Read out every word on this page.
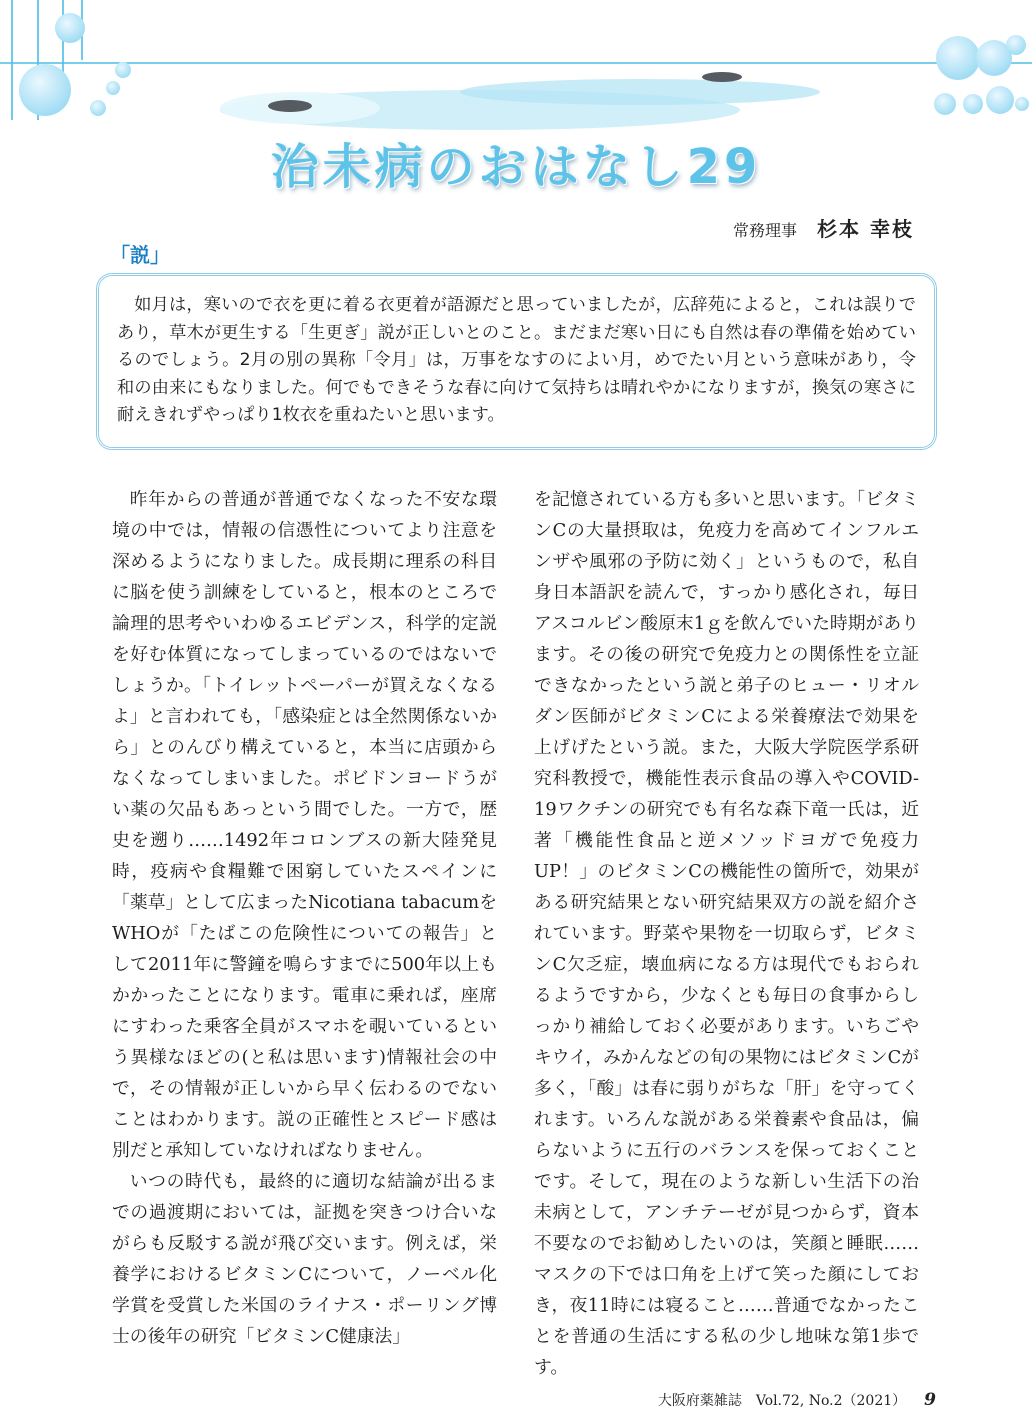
治未病のおはなし29
常務理事 杉本 幸枝
「説」

如月は，寒いので衣を更に着る衣更着が語源だと思っていましたが，広辞苑によると，これは誤りであり，草木が更生する「生更ぎ」説が正しいとのこと。まだまだ寒い日にも自然は春の準備を始めているのでしょう。2月の別の異称「令月」は，万事をなすのによい月，めでたい月という意味があり，令和の由来にもなりました。何でもできそうな春に向けて気持ちは晴れやかになりますが，換気の寒さに耐えきれずやっぱり1枚衣を重ねたいと思います。

昨年からの普通が普通でなくなった不安な環境の中では，情報の信憑性についてより注意を深めるようになりました。成長期に理系の科目に脳を使う訓練をしていると，根本のところで論理的思考やいわゆるエビデンス，科学的定説を好む体質になってしまっているのではないでしょうか。「トイレットペーパーが買えなくなるよ」と言われても，「感染症とは全然関係ないから」とのんびり構えていると，本当に店頭からなくなってしまいました。ポビドンヨードうがい薬の欠品もあっという間でした。一方で，歴史を遡り……1492年コロンブスの新大陸発見時，疫病や食糧難で困窮していたスペインに「薬草」として広まったNicotiana tabacumをWHOが「たばこの危険性についての報告」として2011年に警鐘を鳴らすまでに500年以上もかかったことになります。電車に乗れば，座席にすわった乗客全員がスマホを覗いているという異様なほどの(と私は思います)情報社会の中で，その情報が正しいから早く伝わるのでないことはわかります。説の正確性とスピード感は別だと承知していなければなりません。

いつの時代も，最終的に適切な結論が出るまでの過渡期においては，証拠を突きつけ合いながらも反駁する説が飛び交います。例えば，栄養学におけるビタミンCについて，ノーベル化学賞を受賞した米国のライナス・ポーリング博士の後年の研究「ビタミンC健康法」

を記憶されている方も多いと思います。「ビタミンCの大量摂取は，免疫力を高めてインフルエンザや風邪の予防に効く」というもので，私自身日本語訳を読んで，すっかり感化され，毎日アスコルビン酸原末1ｇを飲んでいた時期があります。その後の研究で免疫力との関係性を立証できなかったという説と弟子のヒュー・リオルダン医師がビタミンCによる栄養療法で効果を上げげたという説。また，大阪大学院医学系研究科教授で，機能性表示食品の導入やCOVID-19ワクチンの研究でも有名な森下竜一氏は，近著「機能性食品と逆メソッドヨガで免疫力UP！」のビタミンCの機能性の箇所で，効果がある研究結果とない研究結果双方の説を紹介されています。野菜や果物を一切取らず，ビタミンC欠乏症，壊血病になる方は現代でもおられるようですから，少なくとも毎日の食事からしっかり補給しておく必要があります。いちごやキウイ，みかんなどの旬の果物にはビタミンCが多く，「酸」は春に弱りがちな「肝」を守ってくれます。いろんな説がある栄養素や食品は，偏らないように五行のバランスを保っておくことです。そして，現在のような新しい生活下の治未病として，アンチテーゼが見つからず，資本不要なのでお勧めしたいのは，笑顔と睡眠……マスクの下では口角を上げて笑った顔にしておき，夜11時には寝ること……普通でなかったことを普通の生活にする私の少し地味な第1歩です。

大阪府薬雑誌　Vol.72, No.2（2021） 9
